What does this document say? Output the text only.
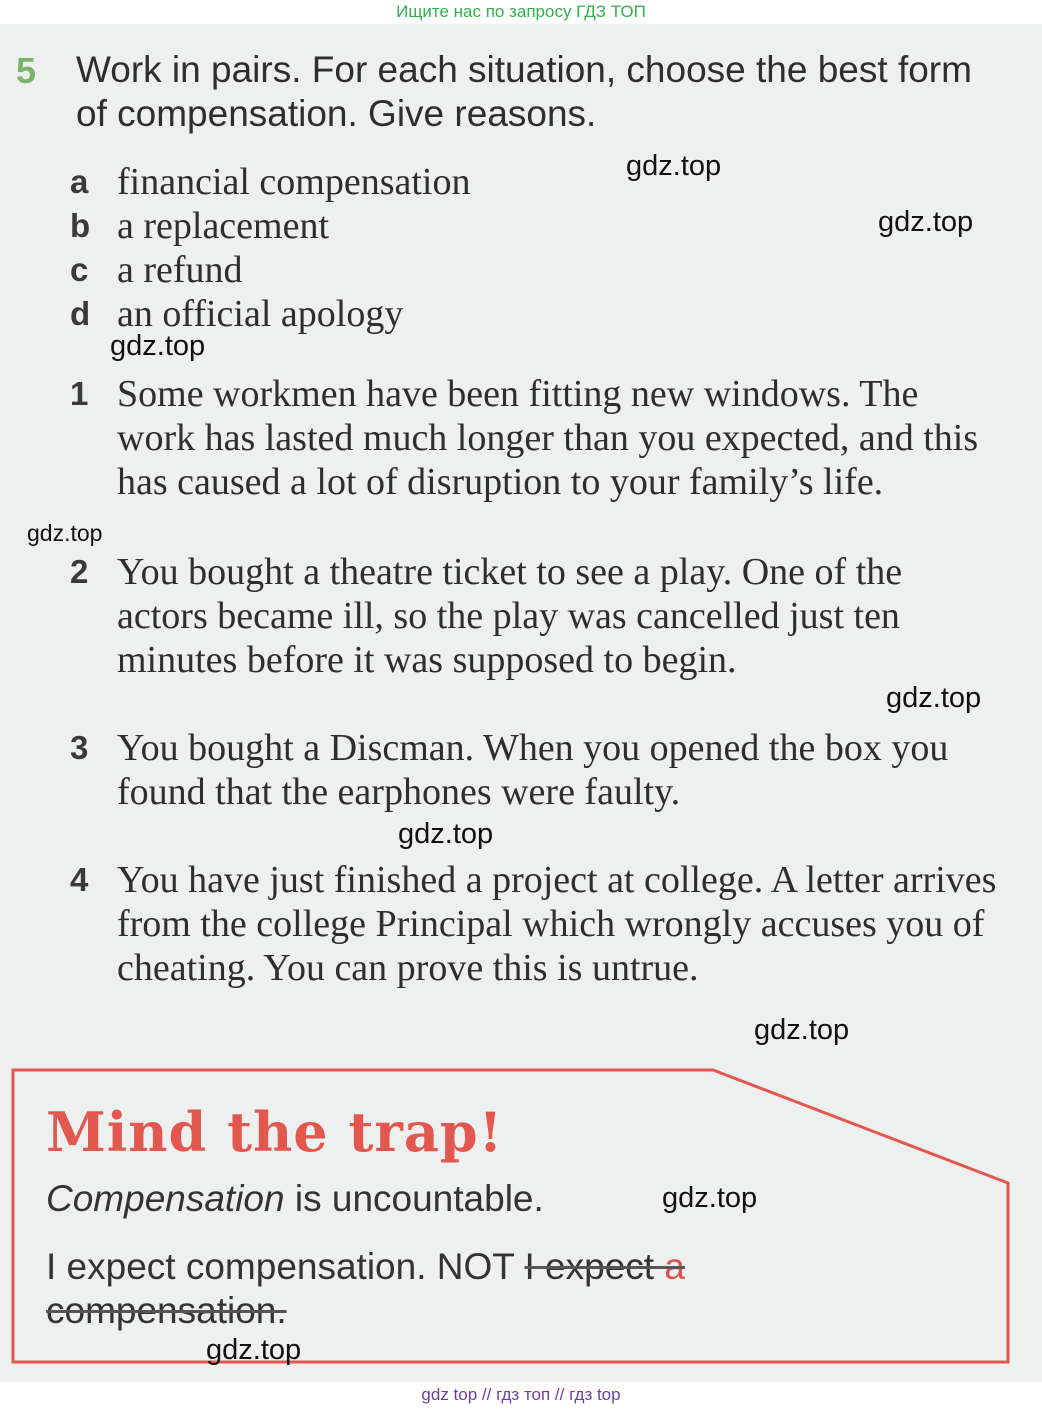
Ищите нас по запросу ГДЗ ТОП
5 Work in pairs. For each situation, choose the best form of compensation. Give reasons.
a financial compensation
b a replacement
c a refund
d an official apology
1 Some workmen have been fitting new windows. The work has lasted much longer than you expected, and this has caused a lot of disruption to your family’s life.
2 You bought a theatre ticket to see a play. One of the actors became ill, so the play was cancelled just ten minutes before it was supposed to begin.
3 You bought a Discman. When you opened the box you found that the earphones were faulty.
4 You have just finished a project at college. A letter arrives from the college Principal which wrongly accuses you of cheating. You can prove this is untrue.
Mind the trap!
Compensation is uncountable.
I expect compensation. NOT I expect a compensation.
gdz.top
gdz.top
gdz.top
gdz.top
gdz.top
gdz.top
gdz.top
gdz.top
gdz.top
gdz top // гдз топ // гдз top
